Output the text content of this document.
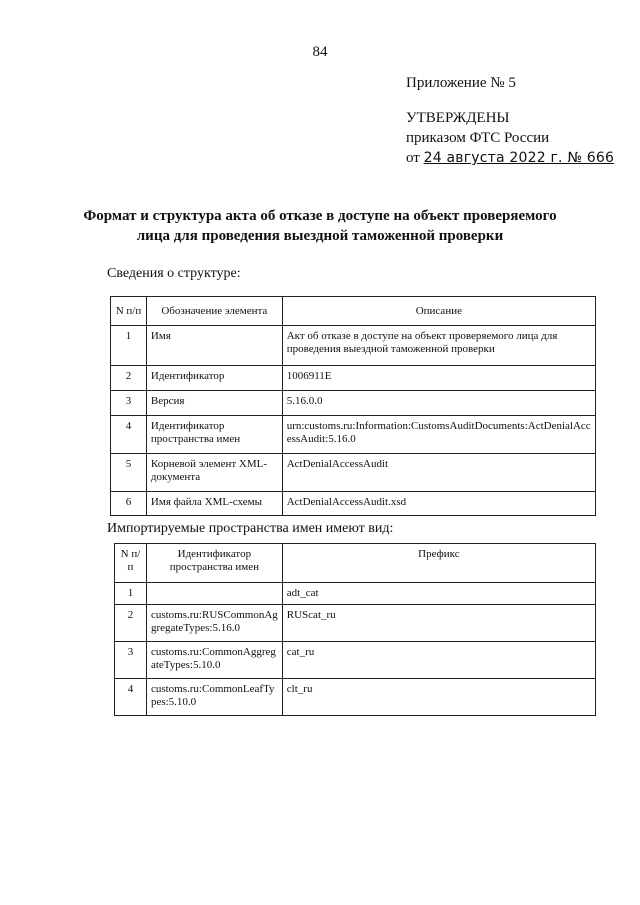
84
Приложение № 5
УТВЕРЖДЕНЫ
приказом ФТС России
от 24 августа 2022 г. № 666
Формат и структура акта об отказе в доступе на объект проверяемого лица для проведения выездной таможенной проверки
Сведения о структуре:
N п/п	Обозначение элемента	Описание
1	Имя	Акт об отказе в доступе на объект проверяемого лица для проведения выездной таможенной проверки
2	Идентификатор	1006911E
3	Версия	5.16.0.0
4	Идентификатор пространства имен	urn:customs.ru:Information:CustomsAuditDocuments:ActDenialAccessAudit:5.16.0
5	Корневой элемент XML-документа	ActDenialAccessAudit
6	Имя файла XML-схемы	ActDenialAccessAudit.xsd
Импортируемые пространства имен имеют вид:
N п/п	Идентификатор пространства имен	Префикс
1		adt_cat
2	customs.ru:RUSCommonAggregateTypes:5.16.0	RUScat_ru
3	customs.ru:CommonAggregateTypes:5.10.0	cat_ru
4	customs.ru:CommonLeafTypes:5.10.0	clt_ru
